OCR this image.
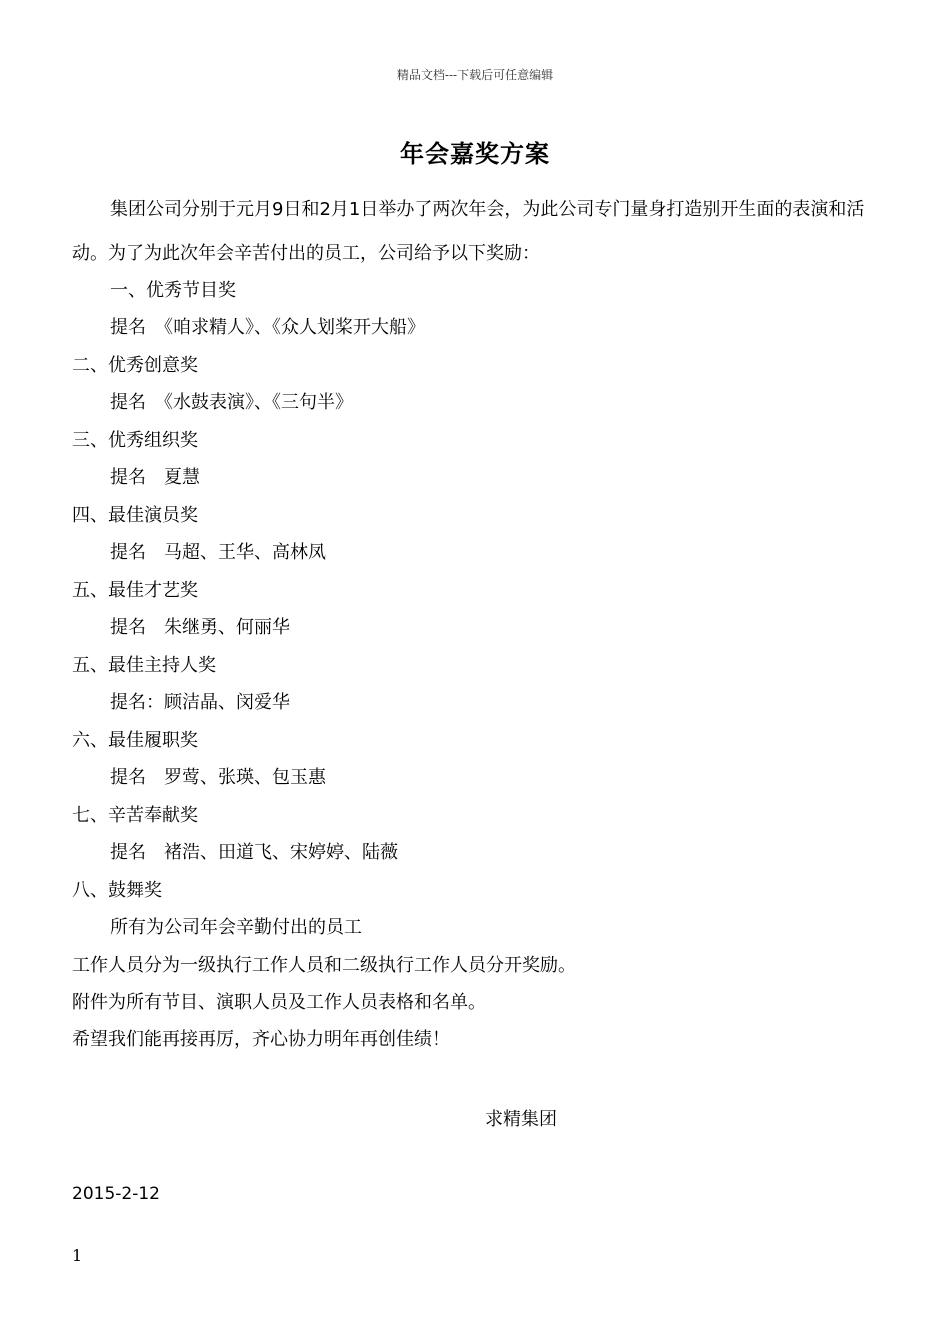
精品文档---下载后可任意编辑
年会嘉奖方案

集团公司分别于元月9日和2月1日举办了两次年会，为此公司专门量身打造别开生面的表演和活动。为了为此次年会辛苦付出的员工，公司给予以下奖励：

一、优秀节目奖
提名　《咱求精人》、《众人划桨开大船》
二、优秀创意奖
提名　《水鼓表演》、《三句半》
三、优秀组织奖
提名　夏慧
四、最佳演员奖
提名　马超、王华、高林凤
五、最佳才艺奖
提名　朱继勇、何丽华
五、最佳主持人奖
提名：顾洁晶、闵爱华
六、最佳履职奖
提名　罗莺、张瑛、包玉惠
七、辛苦奉献奖
提名　褚浩、田道飞、宋婷婷、陆薇
八、鼓舞奖
所有为公司年会辛勤付出的员工
工作人员分为一级执行工作人员和二级执行工作人员分开奖励。
附件为所有节目、演职人员及工作人员表格和名单。
希望我们能再接再厉，齐心协力明年再创佳绩！
求精集团
2015-2-12
1
